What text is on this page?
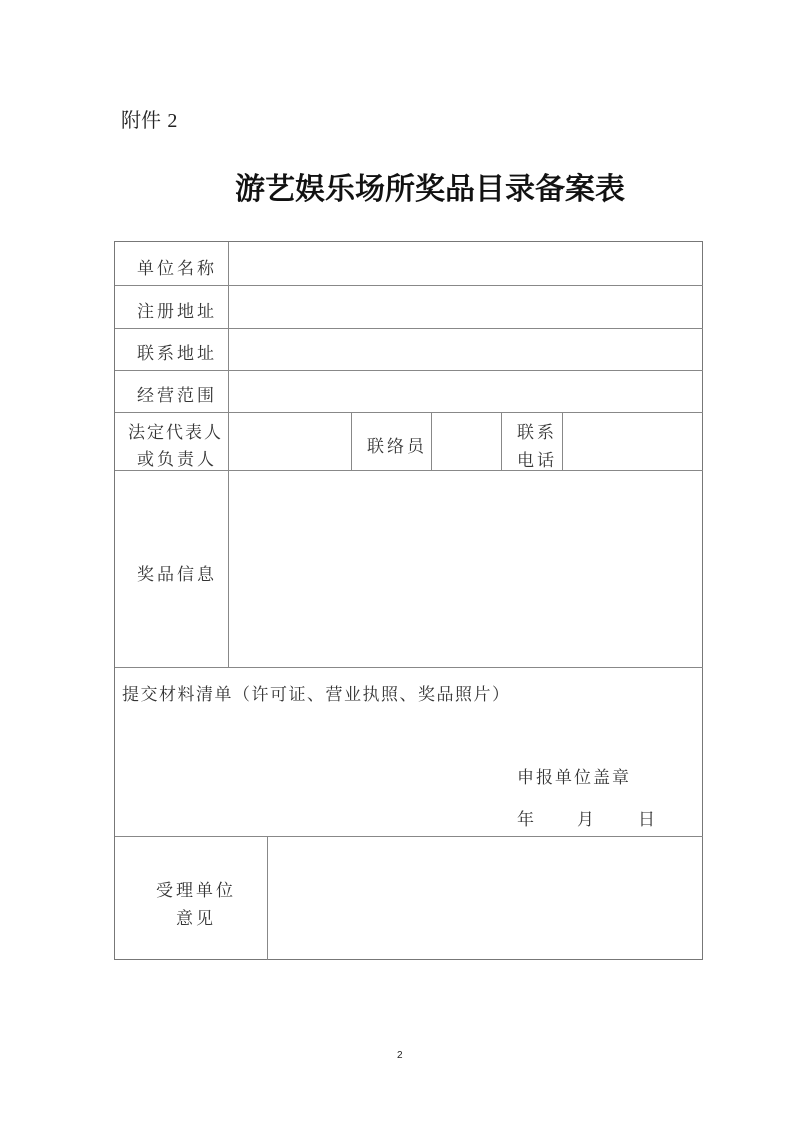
附件 2
游艺娱乐场所奖品目录备案表
单位名称
注册地址
联系地址
经营范围
法定代表人
或负责人
联络员
联系
电话
奖品信息
提交材料清单（许可证、营业执照、奖品照片）
申报单位盖章
年 月 日
受理单位
意见
2
